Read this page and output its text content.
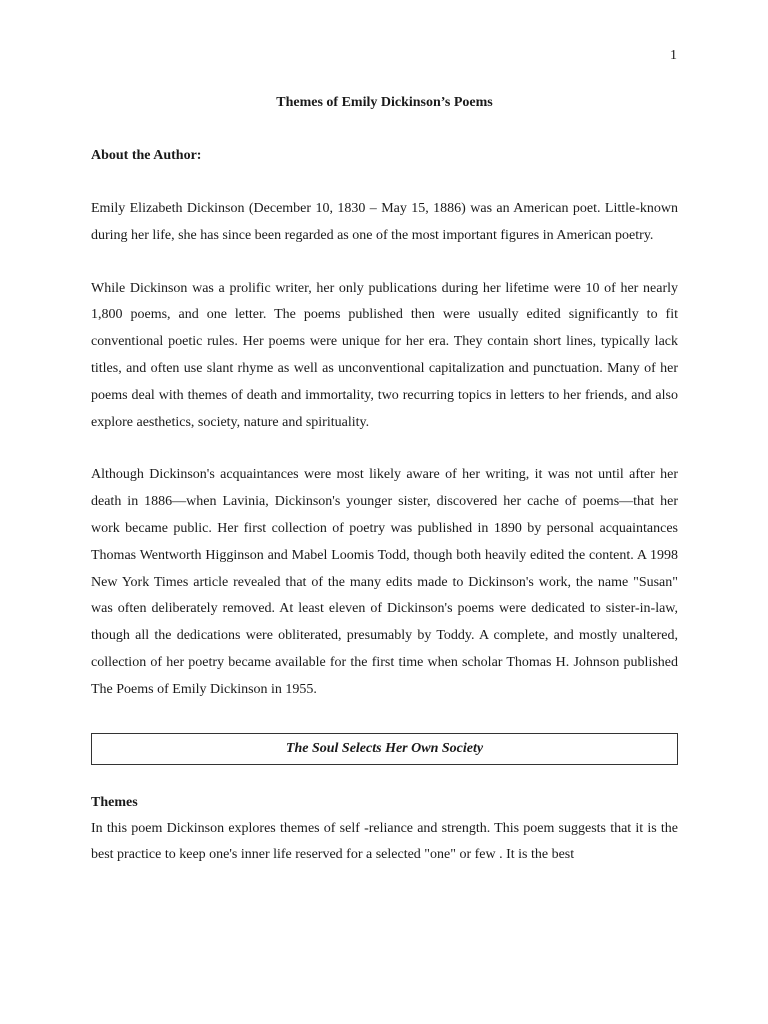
1
Themes of Emily Dickinson’s Poems
About the Author:

Emily Elizabeth Dickinson (December 10, 1830 – May 15, 1886) was an American poet. Little-known during her life, she has since been regarded as one of the most important figures in American poetry.

While Dickinson was a prolific writer, her only publications during her lifetime were 10 of her nearly 1,800 poems, and one letter. The poems published then were usually edited significantly to fit conventional poetic rules. Her poems were unique for her era. They contain short lines, typically lack titles, and often use slant rhyme as well as unconventional capitalization and punctuation. Many of her poems deal with themes of death and immortality, two recurring topics in letters to her friends, and also explore aesthetics, society, nature and spirituality.

Although Dickinson's acquaintances were most likely aware of her writing, it was not until after her death in 1886—when Lavinia, Dickinson's younger sister, discovered her cache of poems—that her work became public. Her first collection of poetry was published in 1890 by personal acquaintances Thomas Wentworth Higginson and Mabel Loomis Todd, though both heavily edited the content. A 1998 New York Times article revealed that of the many edits made to Dickinson's work, the name "Susan" was often deliberately removed. At least eleven of Dickinson's poems were dedicated to sister-in-law, though all the dedications were obliterated, presumably by Toddy. A complete, and mostly unaltered, collection of her poetry became available for the first time when scholar Thomas H. Johnson published The Poems of Emily Dickinson in 1955.

The Soul Selects Her Own Society
Themes

In this poem Dickinson explores themes of self -reliance and strength. This poem suggests that it is the best practice to keep one's inner life reserved for a selected "one" or few . It is the best
